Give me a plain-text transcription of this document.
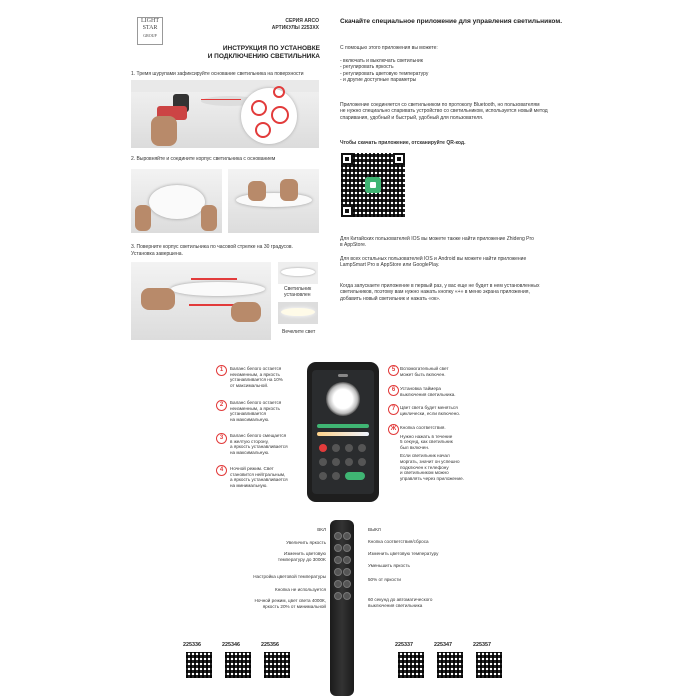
LIGHT
STAR
GROUP
СЕРИЯ ARCO
АРТИКУЛЫ 2253XX
ИНСТРУКЦИЯ ПО УСТАНОВКЕ
И ПОДКЛЮЧЕНИЮ СВЕТИЛЬНИКА
1. Тремя шурупами зафиксируйте основание светильника на поверхности
2. Выровняйте и соедините корпус светильника с основанием
3. Поверните корпус светильника по часовой стрелке на 30 градусов.
Установка завершена.
Светильник
установлен
Вечелите свет
Скачайте специальное приложение для управления светильником.
С помощью этого приложения вы можете:
- включать и выключать светильник
- регулировать яркость
- регулировать цветовую температуру
- и другие доступные параметры
Приложение соединяется со светильником по протоколу Bluetooth, но пользователям
не нужно специально спаривать устройство со светильником, используется новый метод
спаривания, удобный и быстрый, удобный для пользователя.
Чтобы скачать приложение, отсканируйте QR-код.
Для Китайских пользователей IOS вы можете также найти приложение Zhideng Pro
в AppStore.
Для всех остальных пользователей IOS и Android вы можете найти приложение
LampSmart Pro в AppStore или GooglePlay.
Когда запускаете приложение в первый раз, у вас еще не будет в нем установленных
светильников, поэтому вам нужно нажать кнопку «+» в меню экрана приложения,
добавить новый светильник и нажать «ок».
1	Баланс белого остается
неизменным, а яркость
устанавливается на 10%
от максимальной.
2	Баланс белого остается
неизменным, а яркость
устанавливается
на максимальную.
3	Баланс белого смещается
в желтую сторону,
а яркость устанавливается
на максимальную.
4	Ночной режим. Свет
становится нейтральным,
а яркость устанавливается
на минимальную.
5	Вспомогательный свет
может быть включен.
6	Установка таймера
выключения светильника.
7	Цвет света будет меняться
циклически, если включено.
Ж Кнопка соответствия.
Нужно нажать в течение
5 секунд, как светильник
был включен.
Если светильник начал
моргать, значит он успешно
подключен к телефону
и светильником можно
управлять через приложение.
ВКЛ
Увеличить яркость
Изменить цветовую
температуру до 3000K
Настройка цветовой температуры
Кнопка не используется
Ночной режим, цвет света 4000К,
яркость 20% от минимальной
ВЫКЛ
Кнопка соответствия/сброса
Изменить цветовую температуру
Уменьшить яркость
50% от яркости
60 секунд до автоматического
выключения светильника
225336	225346	225356	225337	225347	225357
